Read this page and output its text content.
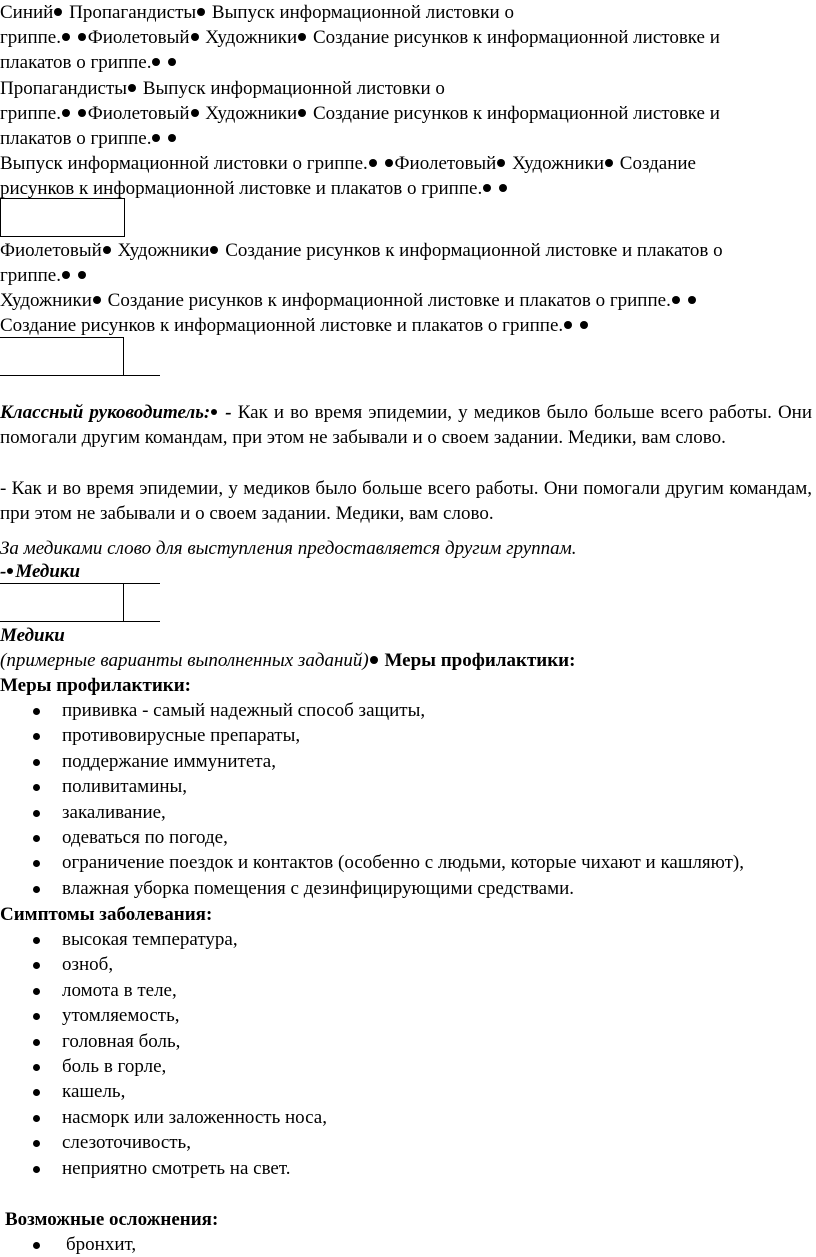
Синий Пропагандисты Выпуск информационной листовки о

гриппе. Фиолетовый Художники Создание рисунков к информационной листовке и

плакатов о гриппе.

Пропагандисты Выпуск информационной листовки о

гриппе. Фиолетовый Художники Создание рисунков к информационной листовке и

плакатов о гриппе.

Выпуск информационной листовки о гриппе. Фиолетовый Художники Создание

рисунков к информационной листовке и плакатов о гриппе.

Фиолетовый Художники Создание рисунков к информационной листовке и плакатов о

гриппе.

Художники Создание рисунков к информационной листовке и плакатов о гриппе.

Создание рисунков к информационной листовке и плакатов о гриппе.

Классный руководитель: - Как и во время эпидемии, у медиков было больше всего работы. Они помогали другим командам, при этом не забывали и о своем задании. Медики, вам слово.

- Как и во время эпидемии, у медиков было больше всего работы. Они помогали другим командам, при этом не забывали и о своем задании. Медики, вам слово.

За медиками слово для выступления предоставляется другим группам.

- Медики

Медики

(примерные варианты выполненных заданий) Меры профилактики:

Меры профилактики:

прививка - самый надежный способ защиты,
противовирусные препараты,
поддержание иммунитета,
поливитамины,
закаливание,
одеваться по погоде,
ограничение поездок и контактов (особенно с людьми, которые чихают и кашляют),
влажная уборка помещения с дезинфицирующими средствами.

Симптомы заболевания:

высокая температура,
озноб,
ломота в теле,
утомляемость,
головная боль,
боль в горле,
кашель,
насморк или заложенность носа,
слезоточивость,
неприятно смотреть на свет.

Возможные осложнения:

бронхит,
